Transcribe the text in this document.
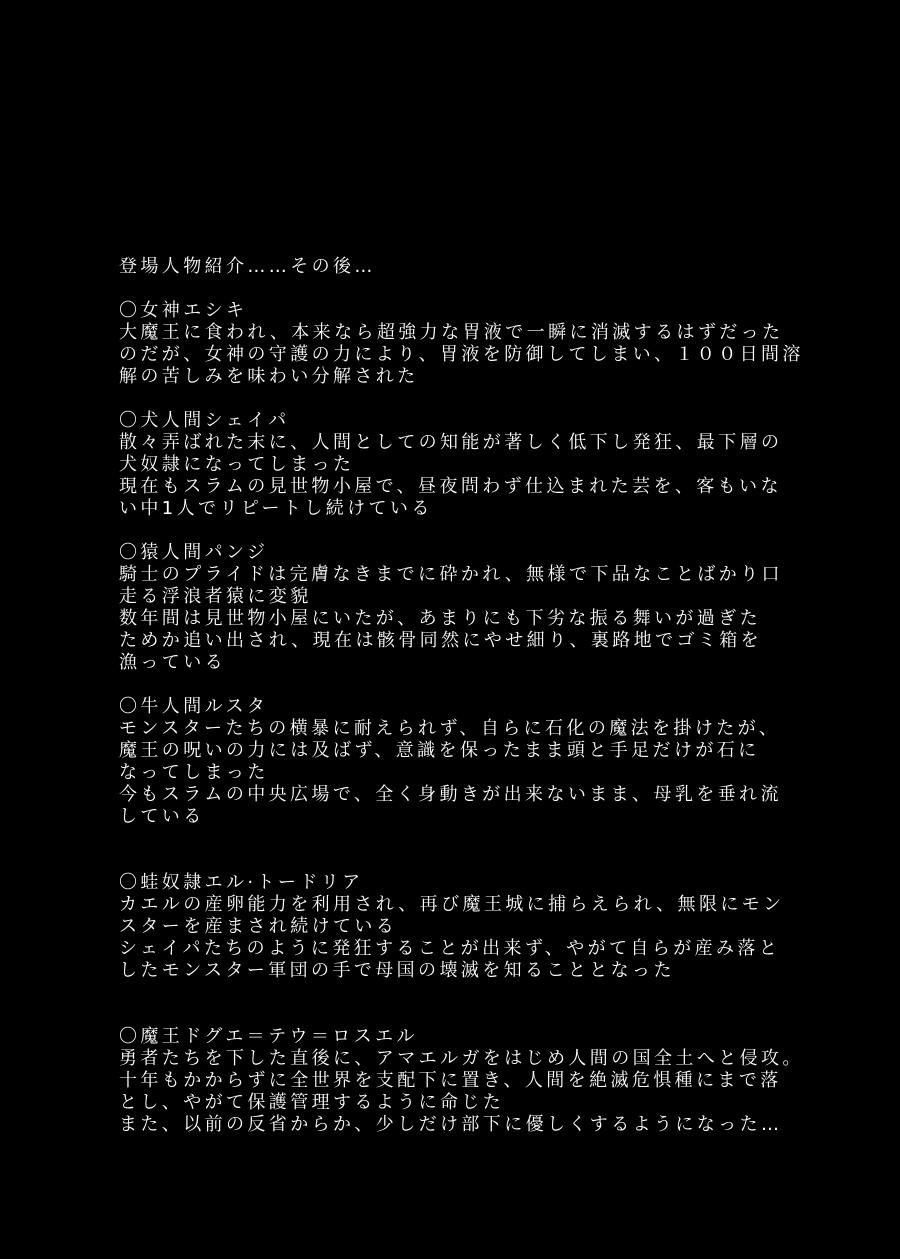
登場人物紹介……その後…
〇女神エシキ
大魔王に食われ、本来なら超強力な胃液で一瞬に消滅するはずだった
のだが、女神の守護の力により、胃液を防御してしまい、１００日間溶
解の苦しみを味わい分解された
〇犬人間シェイパ
散々弄ばれた末に、人間としての知能が著しく低下し発狂、最下層の
犬奴隷になってしまった
現在もスラムの見世物小屋で、昼夜問わず仕込まれた芸を、客もいな
い中1人でリピートし続けている
〇猿人間パンジ
騎士のプライドは完膚なきまでに砕かれ、無様で下品なことばかり口
走る浮浪者猿に変貌
数年間は見世物小屋にいたが、あまりにも下劣な振る舞いが過ぎた
ためか追い出され、現在は骸骨同然にやせ細り、裏路地でゴミ箱を
漁っている
〇牛人間ルスタ
モンスターたちの横暴に耐えられず、自らに石化の魔法を掛けたが、
魔王の呪いの力には及ばず、意識を保ったまま頭と手足だけが石に
なってしまった
今もスラムの中央広場で、全く身動きが出来ないまま、母乳を垂れ流
している
〇蛙奴隷エル·トードリア
カエルの産卵能力を利用され、再び魔王城に捕らえられ、無限にモン
スターを産まされ続けている
シェイパたちのように発狂することが出来ず、やがて自らが産み落と
したモンスター軍団の手で母国の壊滅を知ることとなった
〇魔王ドグエ＝テウ＝ロスエル
勇者たちを下した直後に、アマエルガをはじめ人間の国全土へと侵攻。
十年もかからずに全世界を支配下に置き、人間を絶滅危惧種にまで落
とし、やがて保護管理するように命じた
また、以前の反省からか、少しだけ部下に優しくするようになった…
